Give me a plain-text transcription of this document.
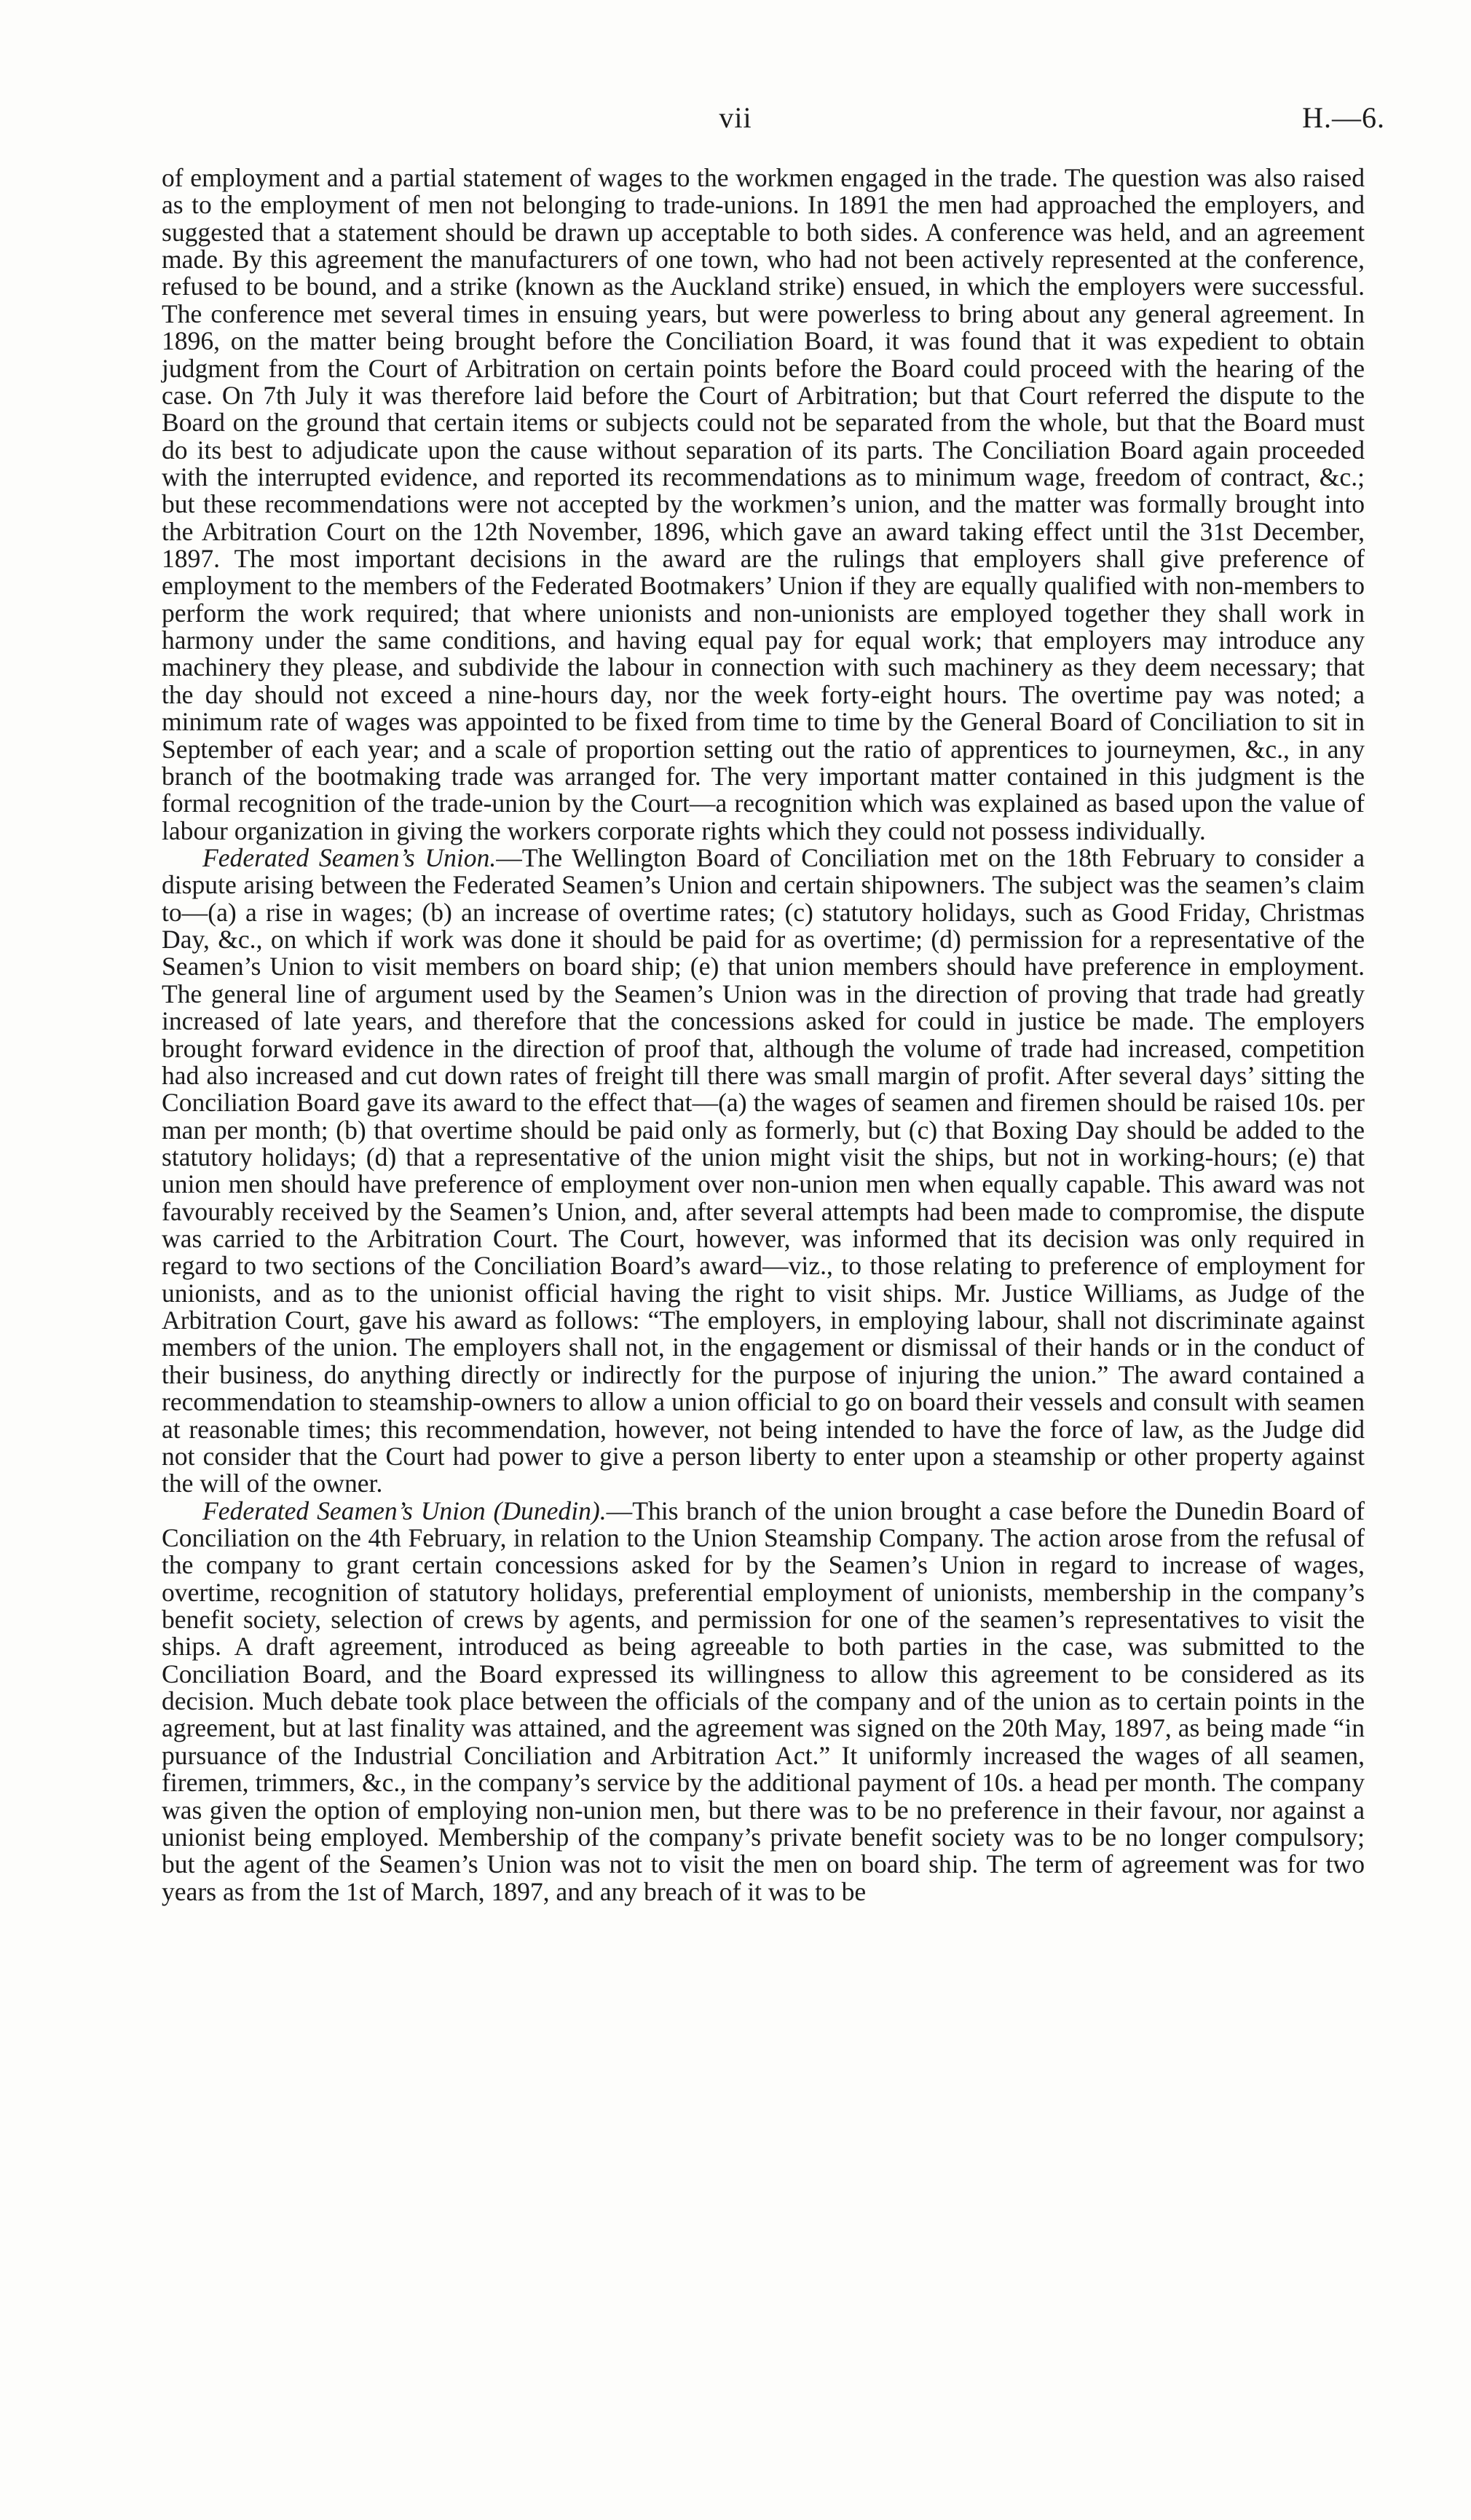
vii	H.—6.

of employment and a partial statement of wages to the workmen engaged in the trade. The question was also raised as to the employment of men not belonging to trade-unions. In 1891 the men had approached the employers, and suggested that a statement should be drawn up acceptable to both sides. A conference was held, and an agreement made. By this agreement the manufacturers of one town, who had not been actively represented at the conference, refused to be bound, and a strike (known as the Auckland strike) ensued, in which the employers were successful. The conference met several times in ensuing years, but were powerless to bring about any general agreement. In 1896, on the matter being brought before the Conciliation Board, it was found that it was expedient to obtain judgment from the Court of Arbitration on certain points before the Board could proceed with the hearing of the case. On 7th July it was therefore laid before the Court of Arbitration; but that Court referred the dispute to the Board on the ground that certain items or subjects could not be separated from the whole, but that the Board must do its best to adjudicate upon the cause without separation of its parts. The Conciliation Board again proceeded with the interrupted evidence, and reported its recommendations as to minimum wage, freedom of contract, &c.; but these recommendations were not accepted by the workmen’s union, and the matter was formally brought into the Arbitration Court on the 12th November, 1896, which gave an award taking effect until the 31st December, 1897. The most important decisions in the award are the rulings that employers shall give preference of employment to the members of the Federated Bootmakers’ Union if they are equally qualified with non-members to perform the work required; that where unionists and non-unionists are employed together they shall work in harmony under the same conditions, and having equal pay for equal work; that employers may introduce any machinery they please, and subdivide the labour in connection with such machinery as they deem necessary; that the day should not exceed a nine-hours day, nor the week forty-eight hours. The overtime pay was noted; a minimum rate of wages was appointed to be fixed from time to time by the General Board of Conciliation to sit in September of each year; and a scale of proportion setting out the ratio of apprentices to journeymen, &c., in any branch of the bootmaking trade was arranged for. The very important matter contained in this judgment is the formal recognition of the trade-union by the Court—a recognition which was explained as based upon the value of labour organization in giving the workers corporate rights which they could not possess individually.

Federated Seamen’s Union.—The Wellington Board of Conciliation met on the 18th February to consider a dispute arising between the Federated Seamen’s Union and certain shipowners. The subject was the seamen’s claim to—(a) a rise in wages; (b) an increase of overtime rates; (c) statutory holidays, such as Good Friday, Christmas Day, &c., on which if work was done it should be paid for as overtime; (d) permission for a representative of the Seamen’s Union to visit members on board ship; (e) that union members should have preference in employment. The general line of argument used by the Seamen’s Union was in the direction of proving that trade had greatly increased of late years, and therefore that the concessions asked for could in justice be made. The employers brought forward evidence in the direction of proof that, although the volume of trade had increased, competition had also increased and cut down rates of freight till there was small margin of profit. After several days’ sitting the Conciliation Board gave its award to the effect that—(a) the wages of seamen and firemen should be raised 10s. per man per month; (b) that overtime should be paid only as formerly, but (c) that Boxing Day should be added to the statutory holidays; (d) that a representative of the union might visit the ships, but not in working-hours; (e) that union men should have preference of employment over non-union men when equally capable. This award was not favourably received by the Seamen’s Union, and, after several attempts had been made to compromise, the dispute was carried to the Arbitration Court. The Court, however, was informed that its decision was only required in regard to two sections of the Conciliation Board’s award—viz., to those relating to preference of employment for unionists, and as to the unionist official having the right to visit ships. Mr. Justice Williams, as Judge of the Arbitration Court, gave his award as follows: “The employers, in employing labour, shall not discriminate against members of the union. The employers shall not, in the engagement or dismissal of their hands or in the conduct of their business, do anything directly or indirectly for the purpose of injuring the union.” The award contained a recommendation to steamship-owners to allow a union official to go on board their vessels and consult with seamen at reasonable times; this recommendation, however, not being intended to have the force of law, as the Judge did not consider that the Court had power to give a person liberty to enter upon a steamship or other property against the will of the owner.

Federated Seamen’s Union (Dunedin).—This branch of the union brought a case before the Dunedin Board of Conciliation on the 4th February, in relation to the Union Steamship Company. The action arose from the refusal of the company to grant certain concessions asked for by the Seamen’s Union in regard to increase of wages, overtime, recognition of statutory holidays, preferential employment of unionists, membership in the company’s benefit society, selection of crews by agents, and permission for one of the seamen’s representatives to visit the ships. A draft agreement, introduced as being agreeable to both parties in the case, was submitted to the Conciliation Board, and the Board expressed its willingness to allow this agreement to be considered as its decision. Much debate took place between the officials of the company and of the union as to certain points in the agreement, but at last finality was attained, and the agreement was signed on the 20th May, 1897, as being made “in pursuance of the Industrial Conciliation and Arbitration Act.” It uniformly increased the wages of all seamen, firemen, trimmers, &c., in the company’s service by the additional payment of 10s. a head per month. The company was given the option of employing non-union men, but there was to be no preference in their favour, nor against a unionist being employed. Membership of the company’s private benefit society was to be no longer compulsory; but the agent of the Seamen’s Union was not to visit the men on board ship. The term of agreement was for two years as from the 1st of March, 1897, and any breach of it was to be
